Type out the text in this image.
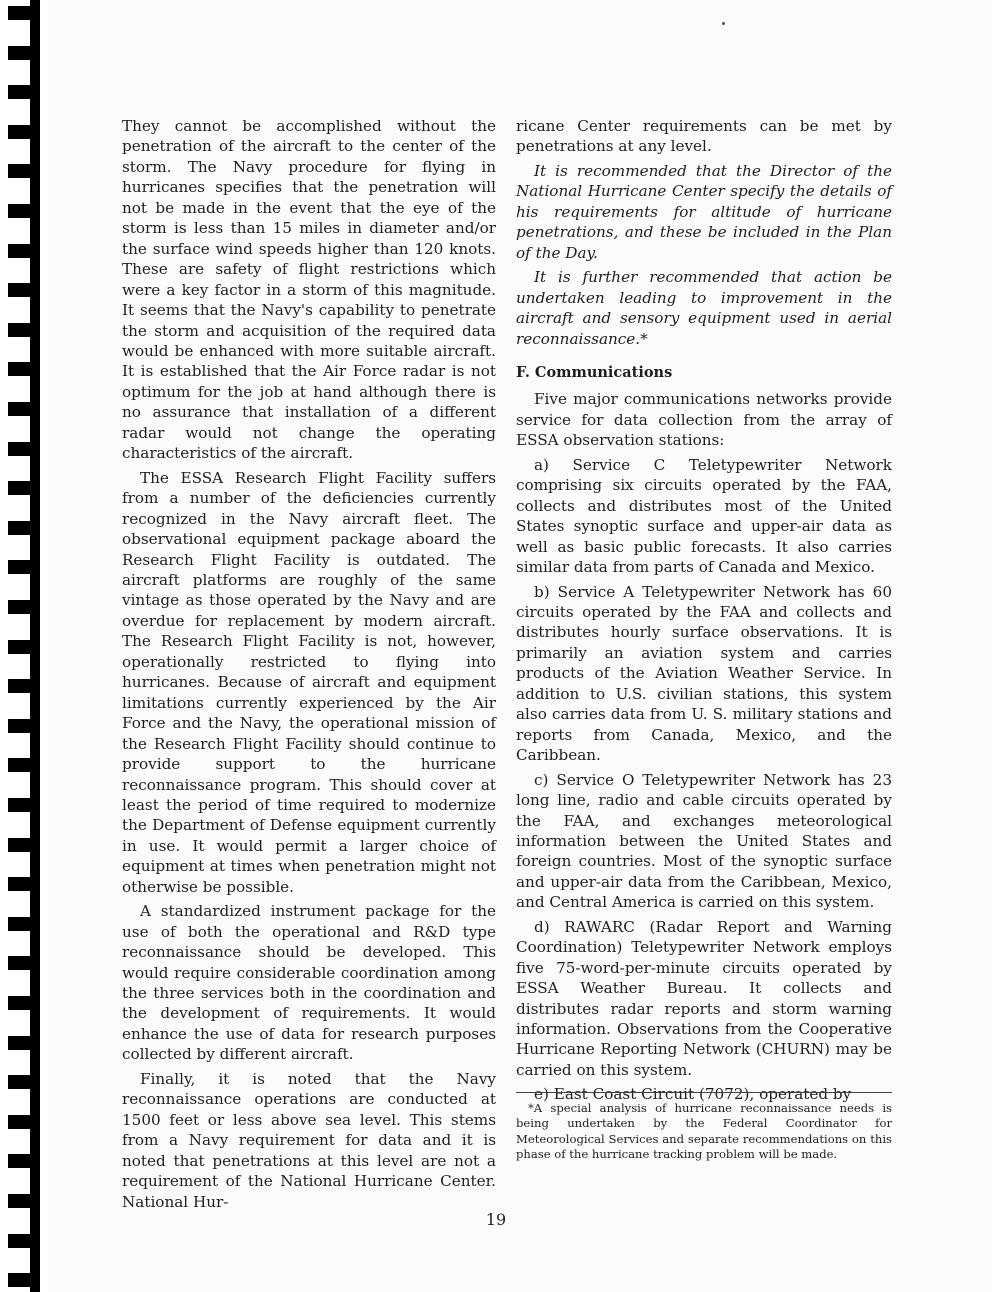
They cannot be accomplished without the penetration of the aircraft to the center of the storm. The Navy procedure for flying in hurricanes specifies that the penetration will not be made in the event that the eye of the storm is less than 15 miles in diameter and/or the surface wind speeds higher than 120 knots. These are safety of flight restrictions which were a key factor in a storm of this magnitude. It seems that the Navy's capability to penetrate the storm and acquisition of the required data would be enhanced with more suitable aircraft. It is established that the Air Force radar is not optimum for the job at hand although there is no assurance that installation of a different radar would not change the operating characteristics of the aircraft.

The ESSA Research Flight Facility suffers from a number of the deficiencies currently recognized in the Navy aircraft fleet. The observational equipment package aboard the Research Flight Facility is outdated. The aircraft platforms are roughly of the same vintage as those operated by the Navy and are overdue for replacement by modern aircraft. The Research Flight Facility is not, however, operationally restricted to flying into hurricanes. Because of aircraft and equipment limitations currently experienced by the Air Force and the Navy, the operational mission of the Research Flight Facility should continue to provide support to the hurricane reconnaissance program. This should cover at least the period of time required to modernize the Department of Defense equipment currently in use. It would permit a larger choice of equipment at times when penetration might not otherwise be possible.

A standardized instrument package for the use of both the operational and R&D type reconnaissance should be developed. This would require considerable coordination among the three services both in the coordination and the development of requirements. It would enhance the use of data for research purposes collected by different aircraft.

Finally, it is noted that the Navy reconnaissance operations are conducted at 1500 feet or less above sea level. This stems from a Navy requirement for data and it is noted that penetrations at this level are not a requirement of the National Hurricane Center. National Hur-

ricane Center requirements can be met by penetrations at any level.

It is recommended that the Director of the National Hurricane Center specify the details of his requirements for altitude of hurricane penetrations, and these be included in the Plan of the Day.

It is further recommended that action be undertaken leading to improvement in the aircraft and sensory equipment used in aerial reconnaissance.*

F. Communications

Five major communications networks provide service for data collection from the array of ESSA observation stations:

a) Service C Teletypewriter Network comprising six circuits operated by the FAA, collects and distributes most of the United States synoptic surface and upper-air data as well as basic public forecasts. It also carries similar data from parts of Canada and Mexico.

b) Service A Teletypewriter Network has 60 circuits operated by the FAA and collects and distributes hourly surface observations. It is primarily an aviation system and carries products of the Aviation Weather Service. In addition to U.S. civilian stations, this system also carries data from U. S. military stations and reports from Canada, Mexico, and the Caribbean.

c) Service O Teletypewriter Network has 23 long line, radio and cable circuits operated by the FAA, and exchanges meteorological information between the United States and foreign countries. Most of the synoptic surface and upper-air data from the Caribbean, Mexico, and Central America is carried on this system.

d) RAWARC (Radar Report and Warning Coordination) Teletypewriter Network employs five 75-word-per-minute circuits operated by ESSA Weather Bureau. It collects and distributes radar reports and storm warning information. Observations from the Cooperative Hurricane Reporting Network (CHURN) may be carried on this system.

e) East Coast Circuit (7072), operated by

*A special analysis of hurricane reconnaissance needs is being undertaken by the Federal Coordinator for Meteorological Services and separate recommendations on this phase of the hurricane tracking problem will be made.

19
